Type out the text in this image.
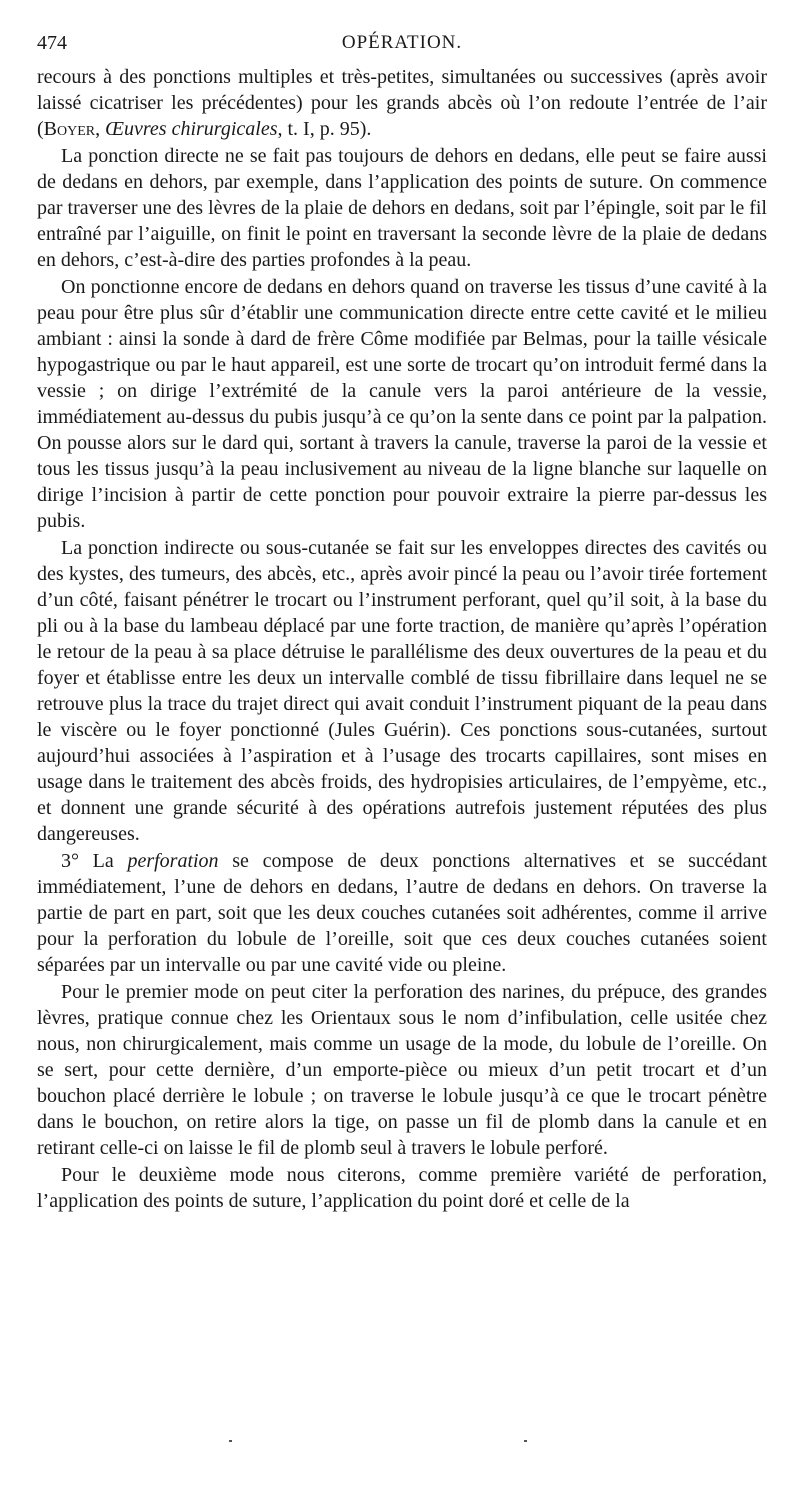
474	OPÉRATION.

recours à des ponctions multiples et très-petites, simultanées ou successives (après avoir laissé cicatriser les précédentes) pour les grands abcès où l’on redoute l’entrée de l’air (Boyer, Œuvres chirurgicales, t. I, p. 95).

La ponction directe ne se fait pas toujours de dehors en dedans, elle peut se faire aussi de dedans en dehors, par exemple, dans l’application des points de suture. On commence par traverser une des lèvres de la plaie de dehors en dedans, soit par l’épingle, soit par le fil entraîné par l’aiguille, on finit le point en traversant la seconde lèvre de la plaie de dedans en dehors, c’est-à-dire des parties profondes à la peau.

On ponctionne encore de dedans en dehors quand on traverse les tissus d’une cavité à la peau pour être plus sûr d’établir une communication directe entre cette cavité et le milieu ambiant : ainsi la sonde à dard de frère Côme modifiée par Belmas, pour la taille vésicale hypogastrique ou par le haut appareil, est une sorte de trocart qu’on introduit fermé dans la vessie ; on dirige l’extrémité de la canule vers la paroi antérieure de la vessie, immédiatement au-dessus du pubis jusqu’à ce qu’on la sente dans ce point par la palpation. On pousse alors sur le dard qui, sortant à travers la canule, traverse la paroi de la vessie et tous les tissus jusqu’à la peau inclusivement au niveau de la ligne blanche sur laquelle on dirige l’incision à partir de cette ponction pour pouvoir extraire la pierre par-dessus les pubis.

La ponction indirecte ou sous-cutanée se fait sur les enveloppes directes des cavités ou des kystes, des tumeurs, des abcès, etc., après avoir pincé la peau ou l’avoir tirée fortement d’un côté, faisant pénétrer le trocart ou l’instrument perforant, quel qu’il soit, à la base du pli ou à la base du lambeau déplacé par une forte traction, de manière qu’après l’opération le retour de la peau à sa place détruise le parallélisme des deux ouvertures de la peau et du foyer et établisse entre les deux un intervalle comblé de tissu fibrillaire dans lequel ne se retrouve plus la trace du trajet direct qui avait conduit l’instrument piquant de la peau dans le viscère ou le foyer ponctionné (Jules Guérin). Ces ponctions sous-cutanées, surtout aujourd’hui associées à l’aspiration et à l’usage des trocarts capillaires, sont mises en usage dans le traitement des abcès froids, des hydropisies articulaires, de l’empyème, etc., et donnent une grande sécurité à des opérations autrefois justement réputées des plus dangereuses.

3° La perforation se compose de deux ponctions alternatives et se succédant immédiatement, l’une de dehors en dedans, l’autre de dedans en dehors. On traverse la partie de part en part, soit que les deux couches cutanées soit adhérentes, comme il arrive pour la perforation du lobule de l’oreille, soit que ces deux couches cutanées soient séparées par un intervalle ou par une cavité vide ou pleine.

Pour le premier mode on peut citer la perforation des narines, du prépuce, des grandes lèvres, pratique connue chez les Orientaux sous le nom d’infibulation, celle usitée chez nous, non chirurgicalement, mais comme un usage de la mode, du lobule de l’oreille. On se sert, pour cette dernière, d’un emporte-pièce ou mieux d’un petit trocart et d’un bouchon placé derrière le lobule ; on traverse le lobule jusqu’à ce que le trocart pénètre dans le bouchon, on retire alors la tige, on passe un fil de plomb dans la canule et en retirant celle-ci on laisse le fil de plomb seul à travers le lobule perforé.

Pour le deuxième mode nous citerons, comme première variété de perforation, l’application des points de suture, l’application du point doré et celle de la
